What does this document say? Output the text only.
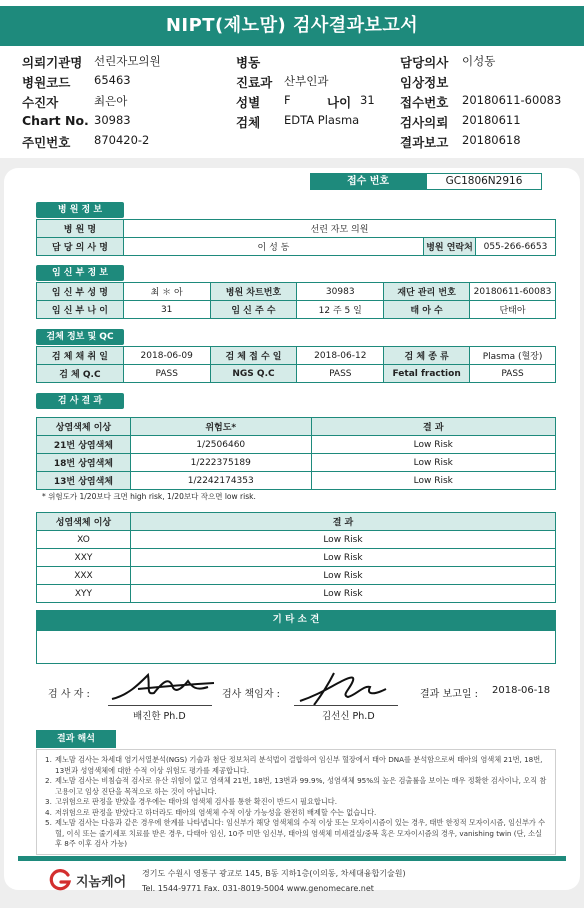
NIPT(제노맘) 검사결과보고서
의뢰기관명 선린자모의원	병동	담당의사 이성동
병원코드 65463	진료과 산부인과	임상정보
수진자	최은아	성별 F	나이 31 접수번호 20180611-60083
Chart No. 30983	검체 EDTA Plasma	검사의뢰 20180611
주민번호 870420-2	결과보고 20180618
접수 번호	GC1806N2916
병 원 정 보
병 원 명	선린 자모 의원		
담 당 의 사 명	이 성 동	병원 연락처	055-266-6653
임 신 부 정 보
임 신 부 성 명	최 ＊ 아	병원 차트번호	30983	재단 관리 번호	20180611-60083
임 신 부 나 이	31	임 신 주 수	12 주 5 일	태 아 수	단태아
검체 정보 및 QC
검 체 채 취 일	2018-06-09	검 체 접 수 일	2018-06-12	검 체 종 류	Plasma (혈장)
검 체 Q.C	PASS	NGS Q.C	PASS	Fetal fraction	PASS
검 사 결 과
상염색체 이상	위험도*	결 과
21번 상염색체	1/2506460	Low Risk
18번 상염색체	1/222375189	Low Risk
13번 상염색체	1/2242174353	Low Risk
* 위험도가 1/20보다 크면 high risk, 1/20보다 작으면 low risk.
성염색체 이상	결 과
XO	Low Risk
XXY	Low Risk
XXX	Low Risk
XYY	Low Risk
기 타 소 견
검 사 자 :
배진한 Ph.D
검사 책임자 :
김선신 Ph.D
결과 보고일 : 2018-06-18
결과 해석
1. 제노맘 검사는 차세대 염기서열분석(NGS) 기술과 첨단 정보처리 분석법이 결합하여 임신부 혈장에서 태아 DNA를 분석함으로써 태아의 염색체 21번, 18번, 13번과 성염색체에 대한 수적 이상 위험도 평가를 제공합니다.
2. 제노맘 검사는 비침습적 검사로 유산 위험이 없고 염색체 21번, 18번, 13번과 99.9%, 성염색체 95%의 높은 검출률을 보이는 매우 정확한 검사이나, 오직 참고용이고 임상 진단을 목적으로 하는 것이 아닙니다.
3. 고위험으로 판정을 받았을 경우에는 태아의 염색체 검사를 통한 확진이 반드시 필요합니다.
4. 저위험으로 판정을 받았다고 하더라도 태아의 염색체 수적 이상 가능성을 완전히 배제할 수는 없습니다.
5. 제노맘 검사는 다음과 같은 경우에 한계를 나타냅니다: 임신부가 해당 염색체의 수적 이상 또는 모자이시즘이 있는 경우, 태반 한정적 모자이시즘, 임신부가 수혈, 이식 또는 줄기세포 치료를 받은 경우, 다태아 임신, 10주 미만 임신부, 태아의 염색체 미세결실/중복 혹은 모자이시즘의 경우, vanishing twin (단, 소실 후 8주 이후 검사 가능)
지놈케어
경기도 수원시 영통구 광교로 145, B동 지하1층(이의동, 차세대융합기술원)
Tel. 1544-9771 Fax. 031-8019-5004 www.genomecare.net
